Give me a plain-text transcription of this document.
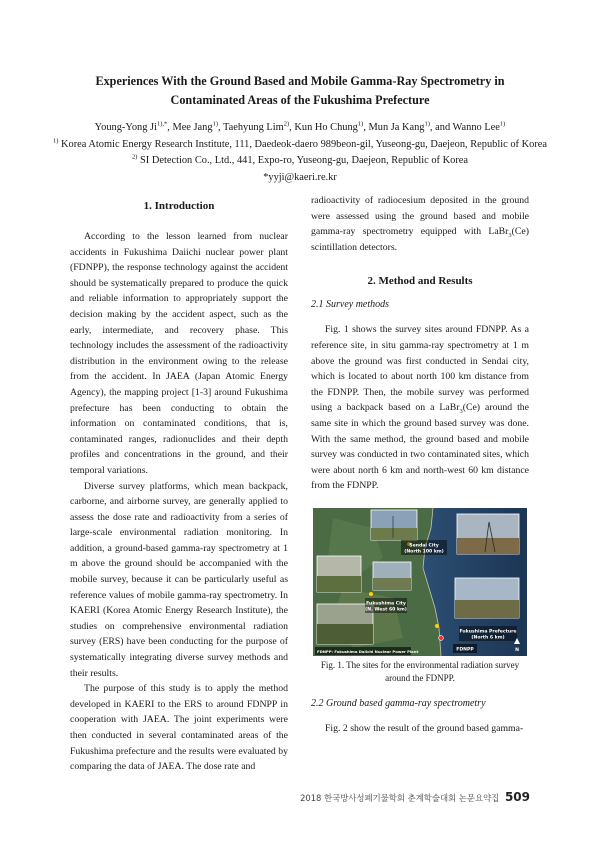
Experiences With the Ground Based and Mobile Gamma-Ray Spectrometry in
Contaminated Areas of the Fukushima Prefecture
Young-Yong $Ji^{1),*}$, Mee Jang$^{1)}$, Taehyung Lim$^{2)}$, Kun Ho Chung$^{1)}$, Mun Ja Kang$^{1)}$, and Wanno Lee$^{1)}$
$^{1)}$ Korea Atomic Energy Research Institute, 111, Daedeok-daero 989beon-gil, Yuseong-gu, Daejeon, Republic of Korea
$^{2)}$ SI Detection Co., Ltd., 441, Expo-ro, Yuseong-gu, Daejeon, Republic of Korea
*yyji@kaeri.re.kr
1. Introduction

According to the lesson learned from nuclear accidents in Fukushima Daiichi nuclear power plant (FDNPP), the response technology against the accident should be systematically prepared to produce the quick and reliable information to appropriately support the decision making by the accident aspect, such as the early, intermediate, and recovery phase. This technology includes the assessment of the radioactivity distribution in the environment owing to the release from the accident. In JAEA (Japan Atomic Energy Agency), the mapping project [1-3] around Fukushima prefecture has been conducting to obtain the information on contaminated conditions, that is, contaminated ranges, radionuclides and their depth profiles and concentrations in the ground, and their temporal variations.

Diverse survey platforms, which mean backpack, carborne, and airborne survey, are generally applied to assess the dose rate and radioactivity from a series of large-scale environmental radiation monitoring. In addition, a ground-based gamma-ray spectrometry at 1 m above the ground should be accompanied with the mobile survey, because it can be particularly useful as reference values of mobile gamma-ray spectrometry. In KAERI (Korea Atomic Energy Research Institute), the studies on comprehensive environmental radiation survey (ERS) have been conducting for the purpose of systematically integrating diverse survey methods and their results.

The purpose of this study is to apply the method developed in KAERI to the ERS to around FDNPP in cooperation with JAEA. The joint experiments were then conducted in several contaminated areas of the Fukushima prefecture and the results were evaluated by comparing the data of JAEA. The dose rate and

radioactivity of radiocesium deposited in the ground were assessed using the ground based and mobile gamma-ray spectrometry equipped with LaBr$_3$(Ce) scintillation detectors.

2. Method and Results

2.1 Survey methods

Fig. 1 shows the survey sites around FDNPP. As a reference site, in situ gamma-ray spectrometry at 1 m above the ground was first conducted in Sendai city, which is located to about north 100 km distance from the FDNPP. Then, the mobile survey was performed using a backpack based on a LaBr$_3$(Ce) around the same site in which the ground based survey was done. With the same method, the ground based and mobile survey was conducted in two contaminated sites, which were about north 6 km and north-west 60 km distance from the FDNPP.

Sendai City
(North 100 km)
Fukushima City
(N. West 60 km)
Fukushima Prefecture
(North 6 km)
FDNPP
FDNPP: Fukushima Daiichi Nuclear Power Plant	N

Fig. 1. The sites for the environmental radiation survey
around the FDNPP.

2.2 Ground based gamma-ray spectrometry

Fig. 2 show the result of the ground based gamma-

2018 한국방사성폐기물학회 춘계학술대회 논문요약집 509
